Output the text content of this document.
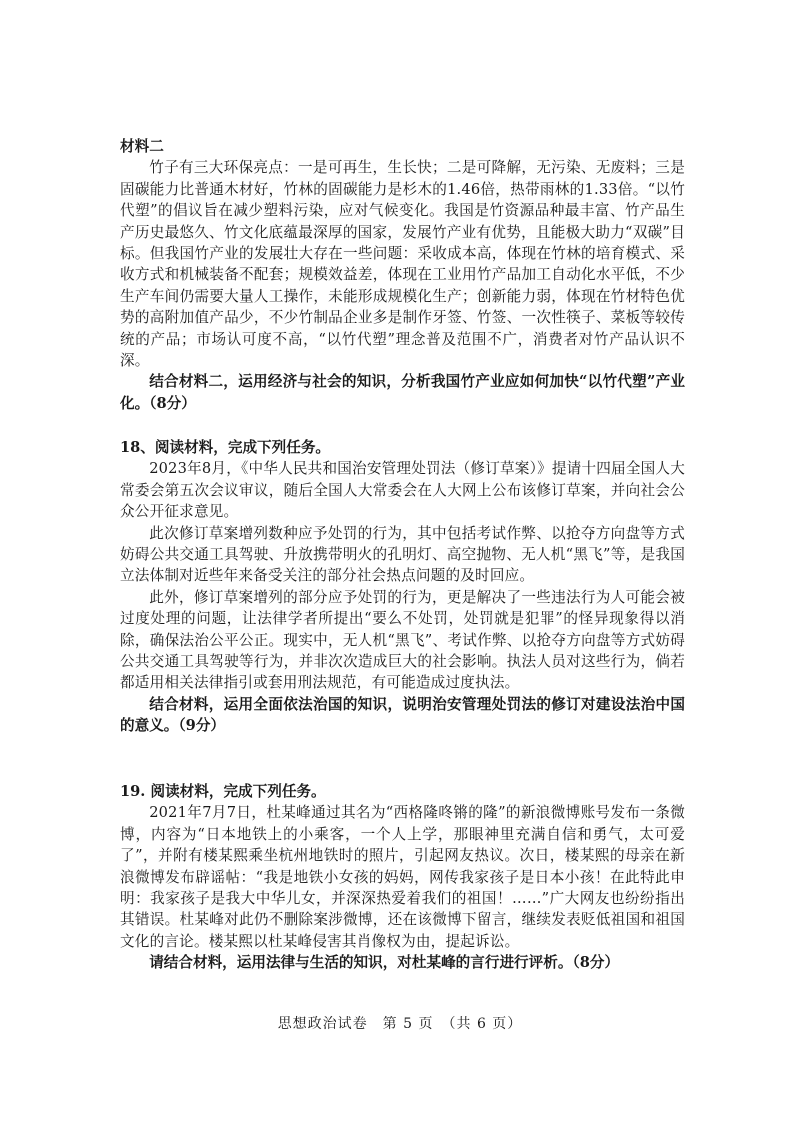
材料二

竹子有三大环保亮点：一是可再生，生长快；二是可降解，无污染、无废料；三是固碳能力比普通木材好，竹林的固碳能力是杉木的1.46倍，热带雨林的1.33倍。“以竹代塑”的倡议旨在减少塑料污染，应对气候变化。我国是竹资源品种最丰富、竹产品生产历史最悠久、竹文化底蕴最深厚的国家，发展竹产业有优势，且能极大助力“双碳”目标。但我国竹产业的发展壮大存在一些问题：采收成本高，体现在竹林的培育模式、采收方式和机械装备不配套；规模效益差，体现在工业用竹产品加工自动化水平低，不少生产车间仍需要大量人工操作，未能形成规模化生产；创新能力弱，体现在竹材特色优势的高附加值产品少，不少竹制品企业多是制作牙签、竹签、一次性筷子、菜板等较传统的产品；市场认可度不高，“以竹代塑”理念普及范围不广，消费者对竹产品认识不深。

结合材料二，运用经济与社会的知识，分析我国竹产业应如何加快“以竹代塑”产业化。（8分）

18、阅读材料，完成下列任务。

2023年8月，《中华人民共和国治安管理处罚法（修订草案）》提请十四届全国人大常委会第五次会议审议，随后全国人大常委会在人大网上公布该修订草案，并向社会公众公开征求意见。

此次修订草案增列数种应予处罚的行为，其中包括考试作弊、以抢夺方向盘等方式妨碍公共交通工具驾驶、升放携带明火的孔明灯、高空抛物、无人机“黑飞”等，是我国立法体制对近些年来备受关注的部分社会热点问题的及时回应。

此外，修订草案增列的部分应予处罚的行为，更是解决了一些违法行为人可能会被过度处理的问题，让法律学者所提出“要么不处罚，处罚就是犯罪”的怪异现象得以消除，确保法治公平公正。现实中，无人机“黑飞”、考试作弊、以抢夺方向盘等方式妨碍公共交通工具驾驶等行为，并非次次造成巨大的社会影响。执法人员对这些行为，倘若都适用相关法律指引或套用刑法规范，有可能造成过度执法。

结合材料，运用全面依法治国的知识，说明治安管理处罚法的修订对建设法治中国的意义。（9分）

19. 阅读材料，完成下列任务。

2021年7月7日，杜某峰通过其名为“西格隆咚锵的隆”的新浪微博账号发布一条微博，内容为“日本地铁上的小乘客，一个人上学，那眼神里充满自信和勇气，太可爱了”，并附有楼某熙乘坐杭州地铁时的照片，引起网友热议。次日，楼某熙的母亲在新浪微博发布辟谣帖：“我是地铁小女孩的妈妈，网传我家孩子是日本小孩！在此特此申明：我家孩子是我大中华儿女，并深深热爱着我们的祖国！……”广大网友也纷纷指出其错误。杜某峰对此仍不删除案涉微博，还在该微博下留言，继续发表贬低祖国和祖国文化的言论。楼某熙以杜某峰侵害其肖像权为由，提起诉讼。

请结合材料，运用法律与生活的知识，对杜某峰的言行进行评析。（8分）

思想政治试卷　第 5 页　（共 6 页）
